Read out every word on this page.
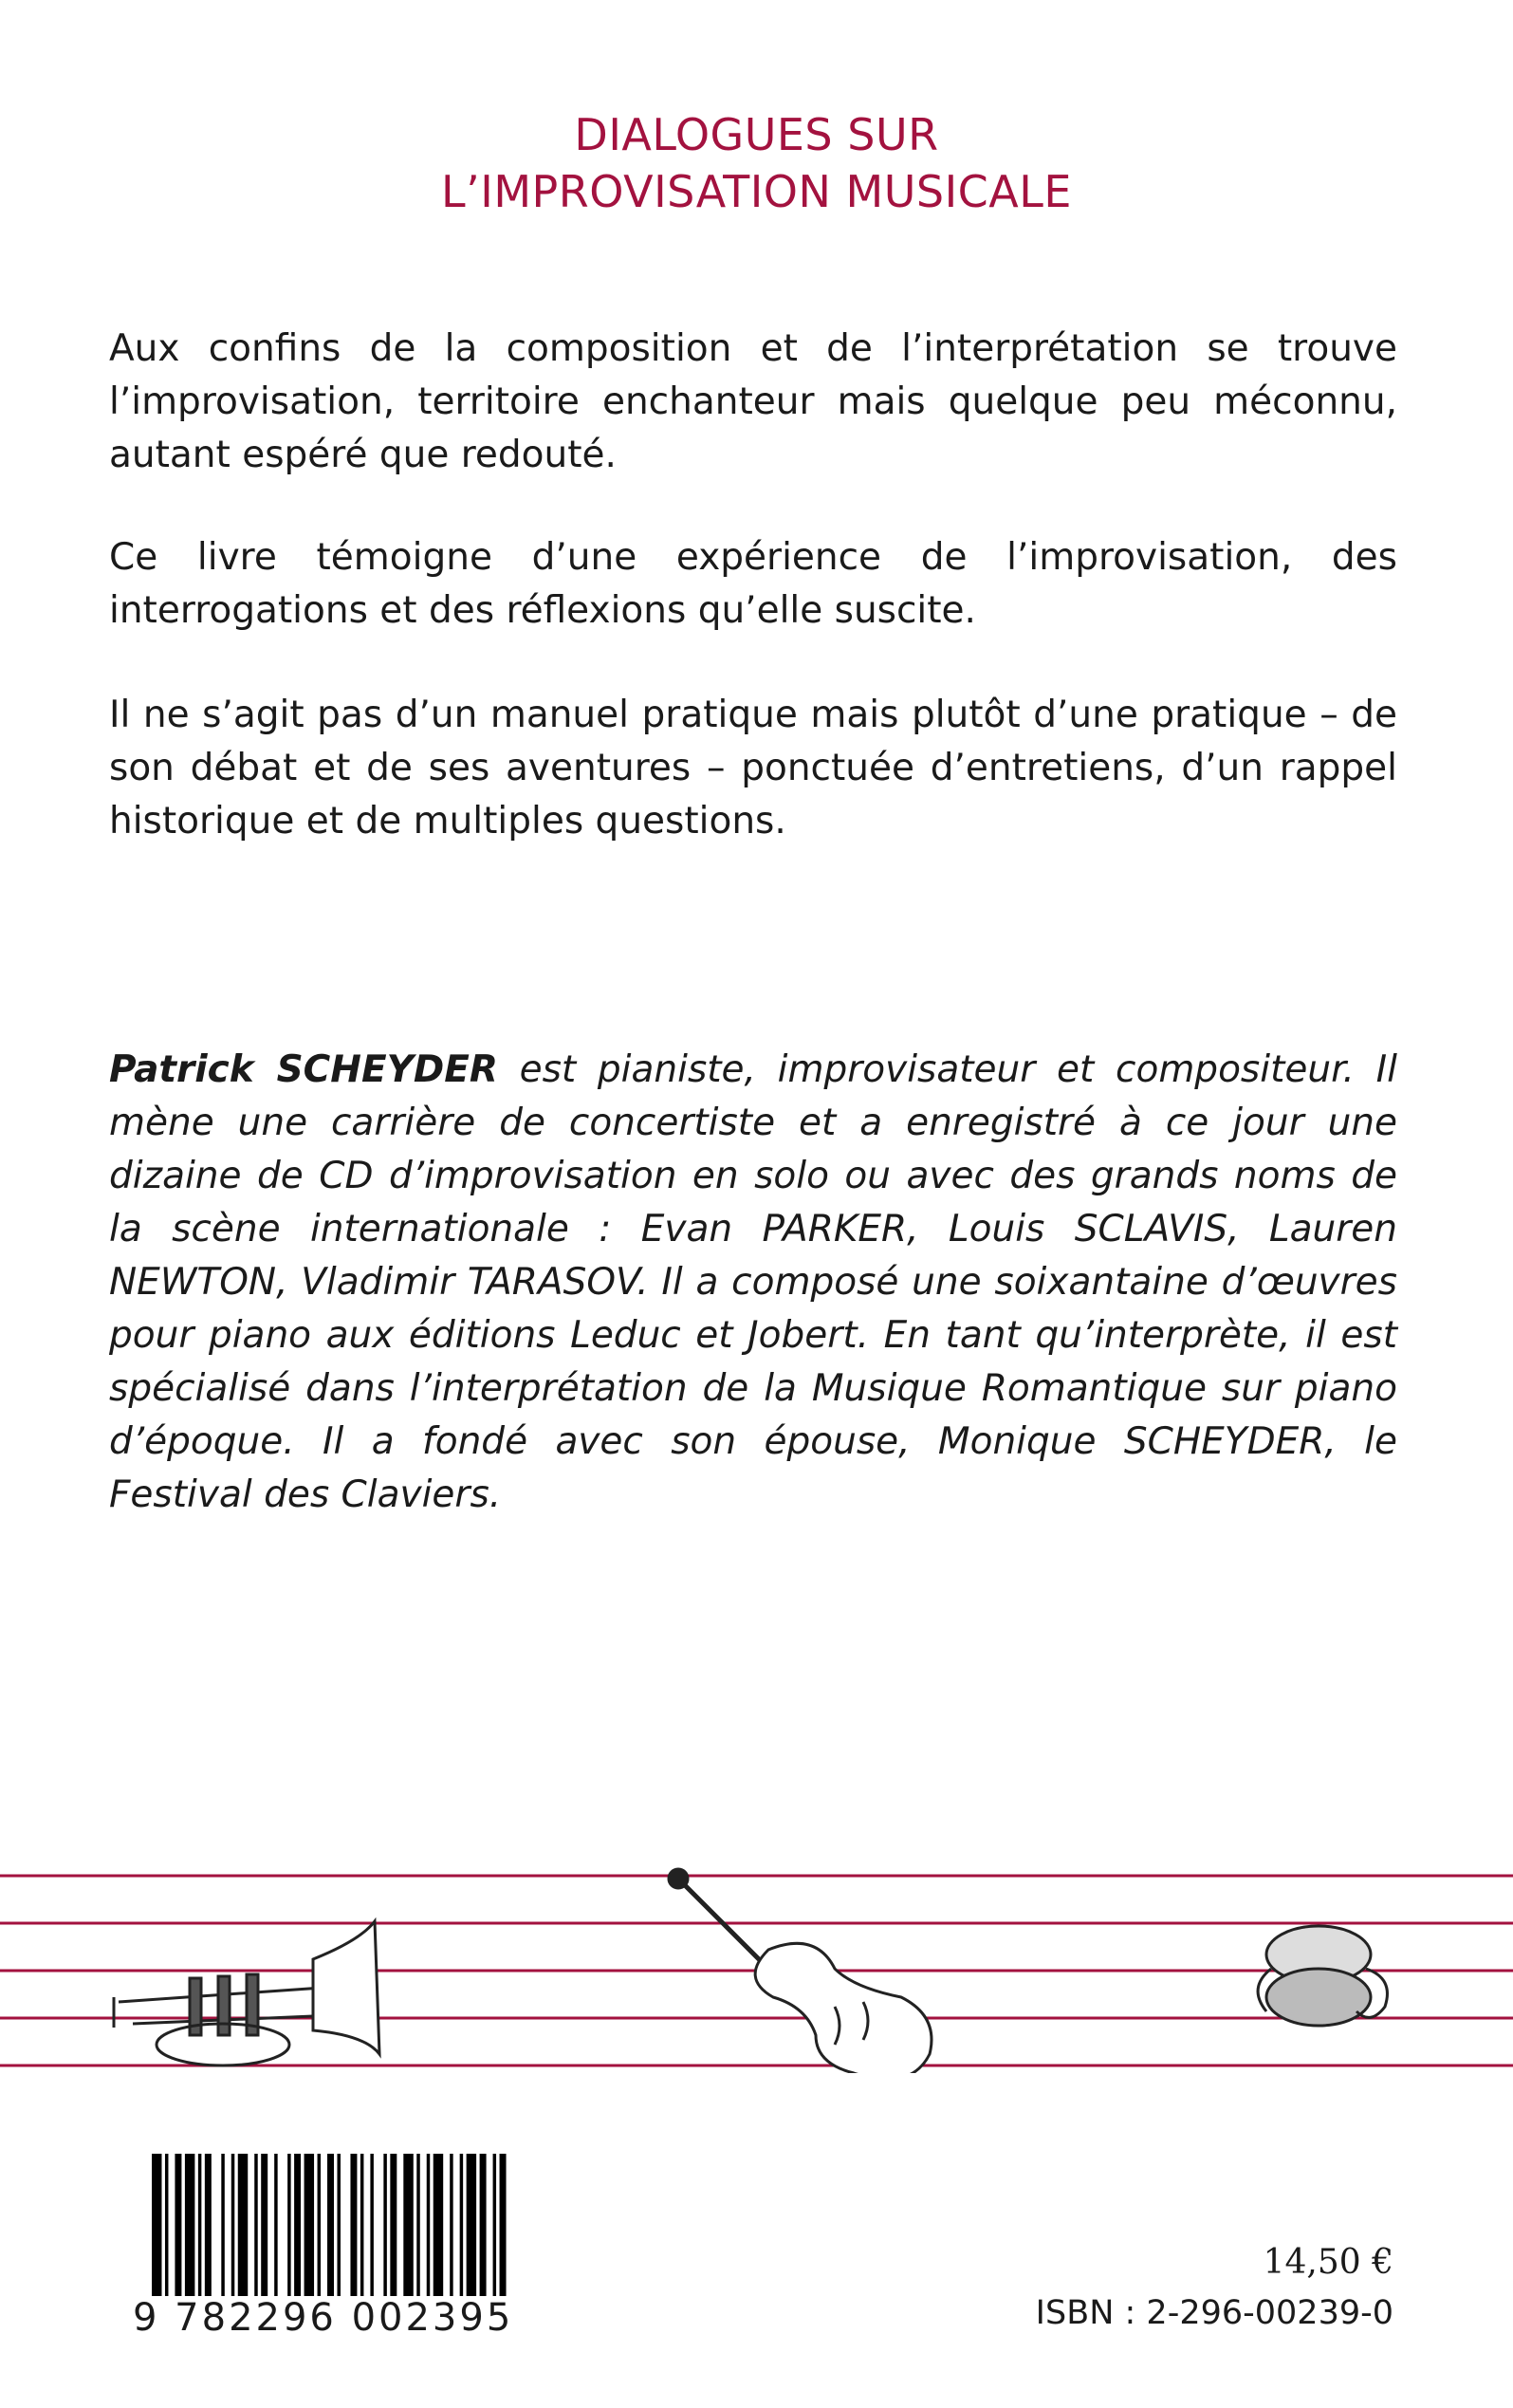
DIALOGUES SUR
L’IMPROVISATION MUSICALE

Aux confins de la composition et de l’interprétation se trouve l’improvisation, territoire enchanteur mais quelque peu méconnu, autant espéré que redouté.

Ce livre témoigne d’une expérience de l’improvisation, des interrogations et des réflexions qu’elle suscite.

Il ne s’agit pas d’un manuel pratique mais plutôt d’une pratique – de son débat et de ses aventures – ponctuée d’entretiens, d’un rappel historique et de multiples questions.

Patrick SCHEYDER est pianiste, improvisateur et compositeur. Il mène une carrière de concertiste et a enregistré à ce jour une dizaine de CD d’improvisation en solo ou avec des grands noms de la scène internationale : Evan PARKER, Louis SCLAVIS, Lauren NEWTON, Vladimir TARASOV. Il a composé une soixantaine d’œuvres pour piano aux éditions Leduc et Jobert. En tant qu’interprète, il est spécialisé dans l’interprétation de la Musique Romantique sur piano d’époque. Il a fondé avec son épouse, Monique SCHEYDER, le Festival des Claviers.

9 782296 002395
14,50 €
ISBN : 2-296-00239-0
